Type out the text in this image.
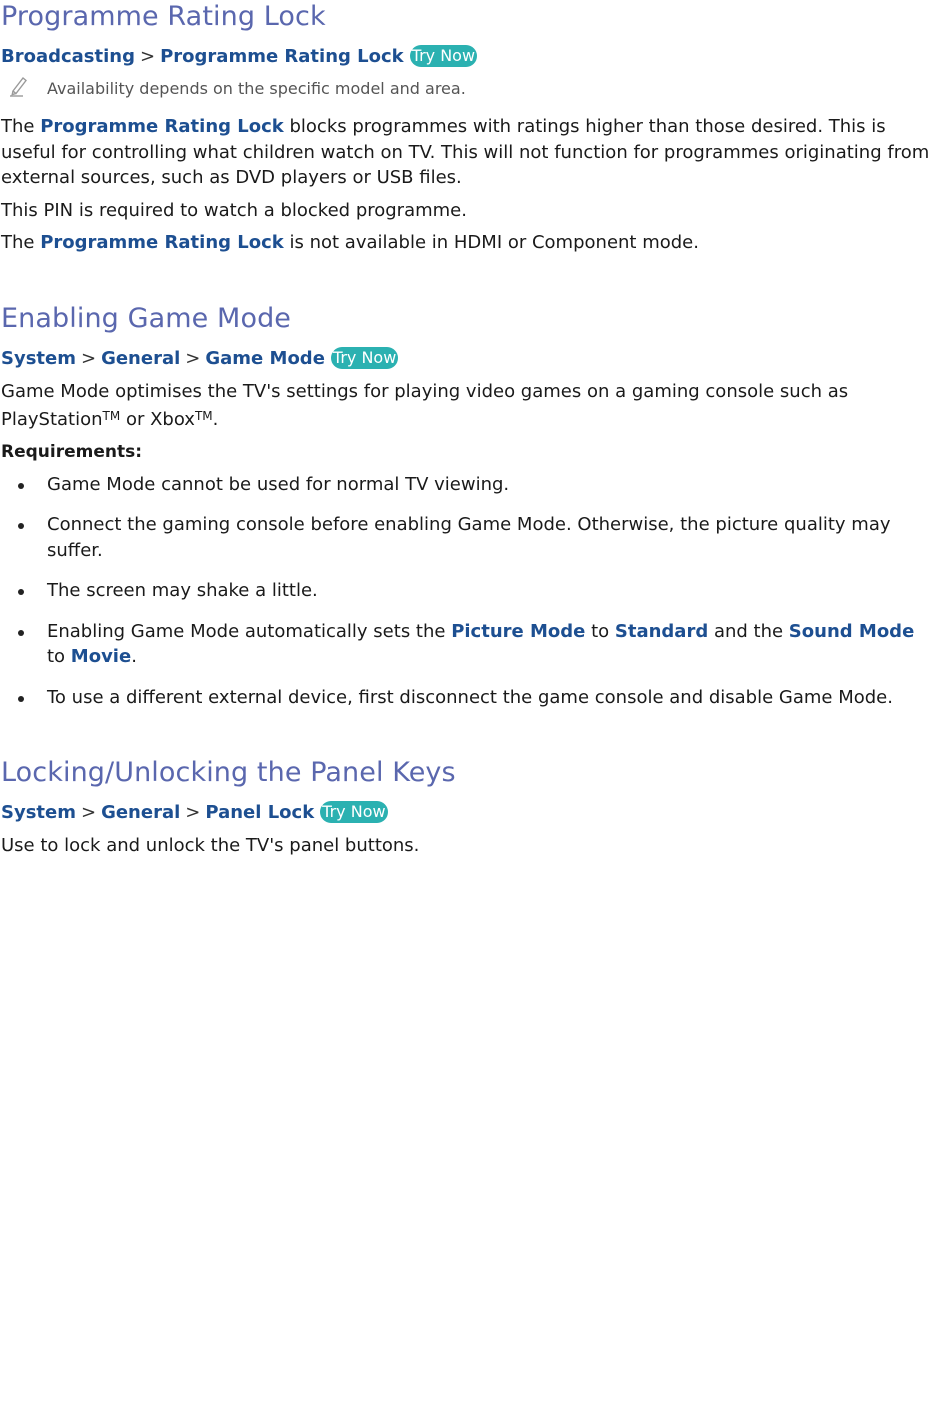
Programme Rating Lock
Broadcasting > Programme Rating Lock Try Now
Availability depends on the specific model and area.

The Programme Rating Lock blocks programmes with ratings higher than those desired. This is useful for controlling what children watch on TV. This will not function for programmes originating from external sources, such as DVD players or USB files.

This PIN is required to watch a blocked programme.

The Programme Rating Lock is not available in HDMI or Component mode.

Enabling Game Mode
System > General > Game Mode Try Now

Game Mode optimises the TV's settings for playing video games on a gaming console such as PlayStation™ or Xbox™.

Requirements:
Game Mode cannot be used for normal TV viewing.
Connect the gaming console before enabling Game Mode. Otherwise, the picture quality may suffer.
The screen may shake a little.
Enabling Game Mode automatically sets the Picture Mode to Standard and the Sound Mode to Movie.
To use a different external device, first disconnect the game console and disable Game Mode.
Locking/Unlocking the Panel Keys
System > General > Panel Lock Try Now

Use to lock and unlock the TV's panel buttons.
